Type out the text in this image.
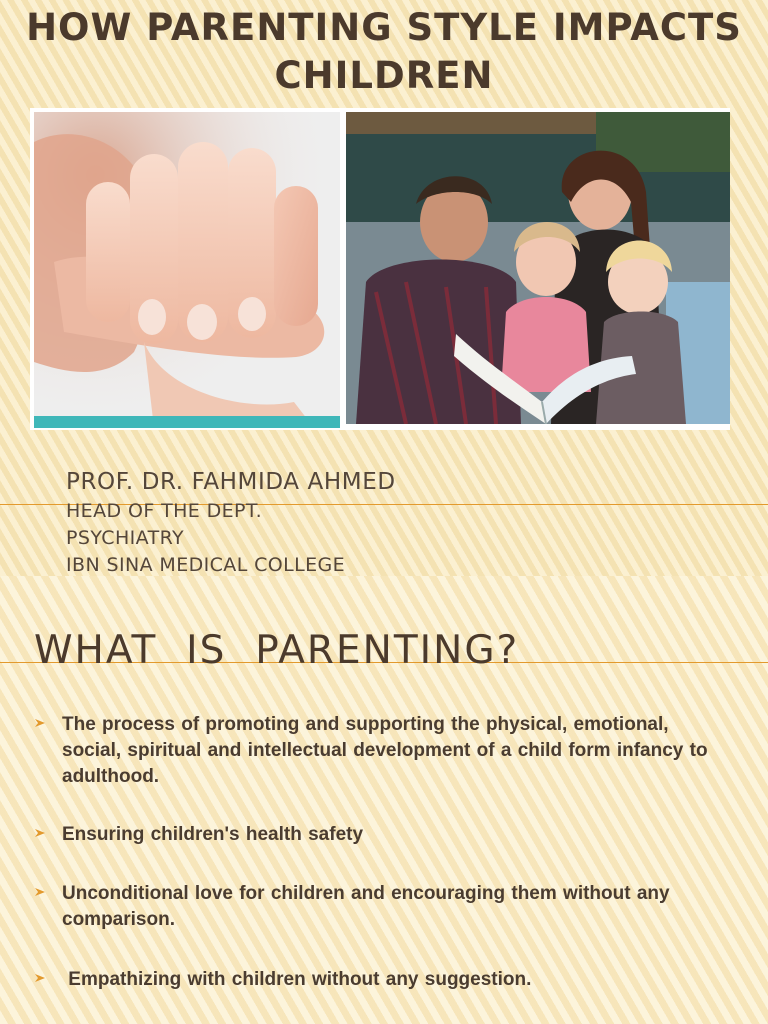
HOW PARENTING STYLE IMPACTS
CHILDREN
PROF. DR. FAHMIDA AHMED
HEAD OF THE DEPT.
PSYCHIATRY
IBN SINA MEDICAL COLLEGE
The process of promoting and supporting the physical, emotional, social, spiritual and intellectual development of a child form infancy to adulthood.
Ensuring children's health safety
Unconditional love for children and encouraging them without any comparison.
Empathizing with children without any suggestion.
WHAT  IS  PARENTING?
